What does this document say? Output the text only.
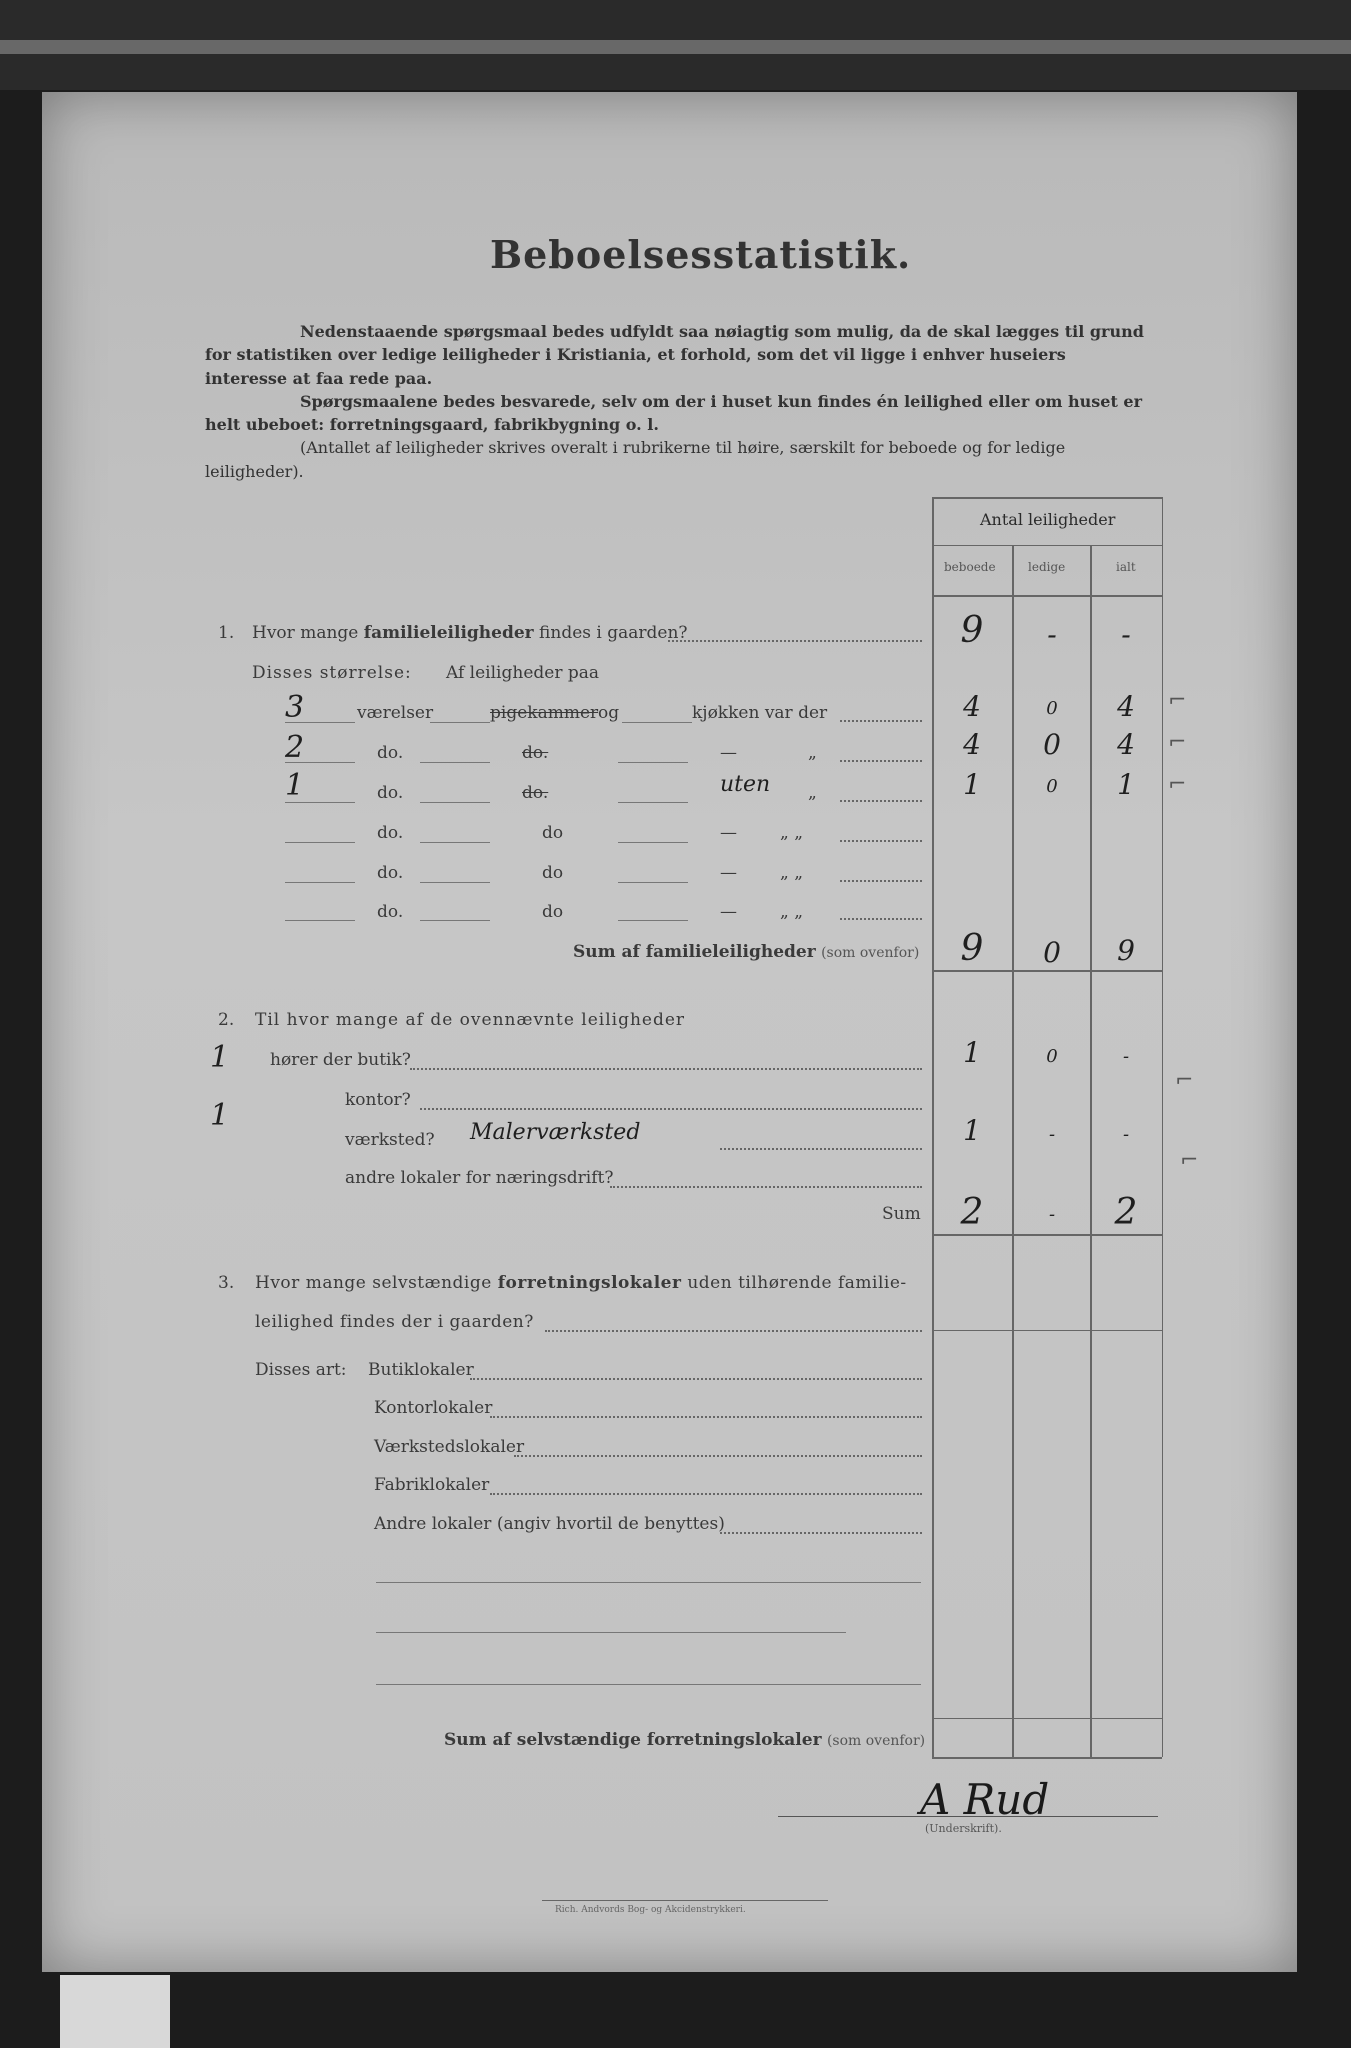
Beboelsesstatistik.
Nedenstaaende spørgsmaal bedes udfyldt saa nøiagtig som mulig, da de skal lægges til grund
for statistiken over ledige leiligheder i Kristiania, et forhold, som det vil ligge i enhver huseiers
interesse at faa rede paa.
Spørgsmaalene bedes besvarede, selv om der i huset kun findes én leilighed eller om huset er
helt ubeboet: forretningsgaard, fabrikbygning o. l.
(Antallet af leiligheder skrives overalt i rubrikerne til høire, særskilt for beboede og for ledige
leiligheder).
Antal leiligheder
beboede	ledige	ialt
1. Hvor mange familieleiligheder findes i gaarden?	9	-	-
Disses størrelse: Af leiligheder paa
3	værelser	pigekammer og	kjøkken var der	4	0	4	⌐
2	do.	do.	—	„	4	0	4	⌐
1	do.	do.	uten „	1	0	1	⌐
do.	do	—	„ „
do.	do	—	„ „
do.	do	—	„ „
Sum af familieleiligheder (som ovenfor)	9	0	9
2. Til hvor mange af de ovennævnte leiligheder
1 hører der butik?	1	0	-
kontor?
⌐
1
værksted? Malerværksted	1	-	-
⌐
andre lokaler for næringsdrift?
Sum	2	-	2
3. Hvor mange selvstændige forretningslokaler uden tilhørende familie-
leilighed findes der i gaarden?
Disses art: Butiklokaler
Kontorlokaler
Værkstedslokaler
Fabriklokaler
Andre lokaler (angiv hvortil de benyttes)
Sum af selvstændige forretningslokaler (som ovenfor)
A Rud
(Underskrift).
Rich. Andvords Bog- og Akcidenstrykkeri.
